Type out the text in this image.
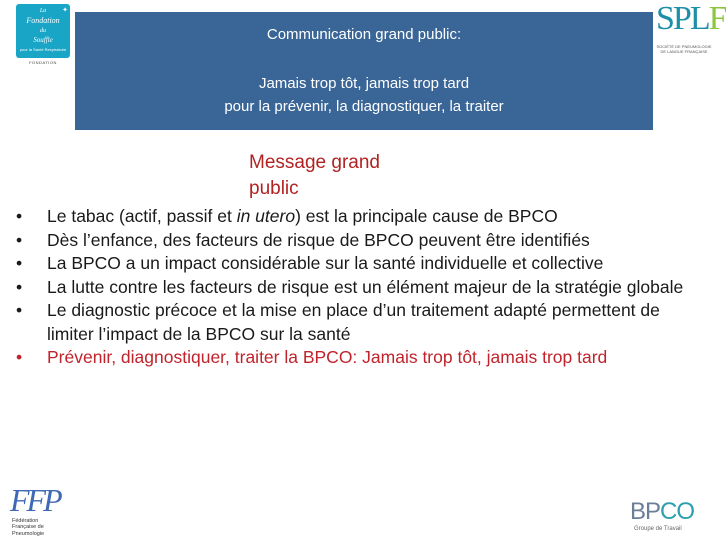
La
Fondation
du
Souffle
pour la Santé Respiratoire
✦
FONDATION
Communication grand public:
Jamais trop tôt, jamais trop tard
pour la prévenir, la diagnostiquer, la traiter
SPLF
SOCIÉTÉ DE PNEUMOLOGIE DE LANGUE FRANÇAISE
Message grand
public
• Le tabac (actif, passif et in utero) est la principale cause de BPCO
• Dès l’enfance, des facteurs de risque de BPCO peuvent être identifiés
• La BPCO a un impact considérable sur la santé individuelle et collective
• La lutte contre les facteurs de risque est un élément majeur de la stratégie globale
• Le diagnostic précoce et la mise en place d’un traitement adapté permettent de limiter l’impact de la BPCO sur la santé
• Prévenir, diagnostiquer, traiter la BPCO: Jamais trop tôt, jamais trop tard
FFP
Fédération
Française de
Pneumologie
BPCO
Groupe de Travail
